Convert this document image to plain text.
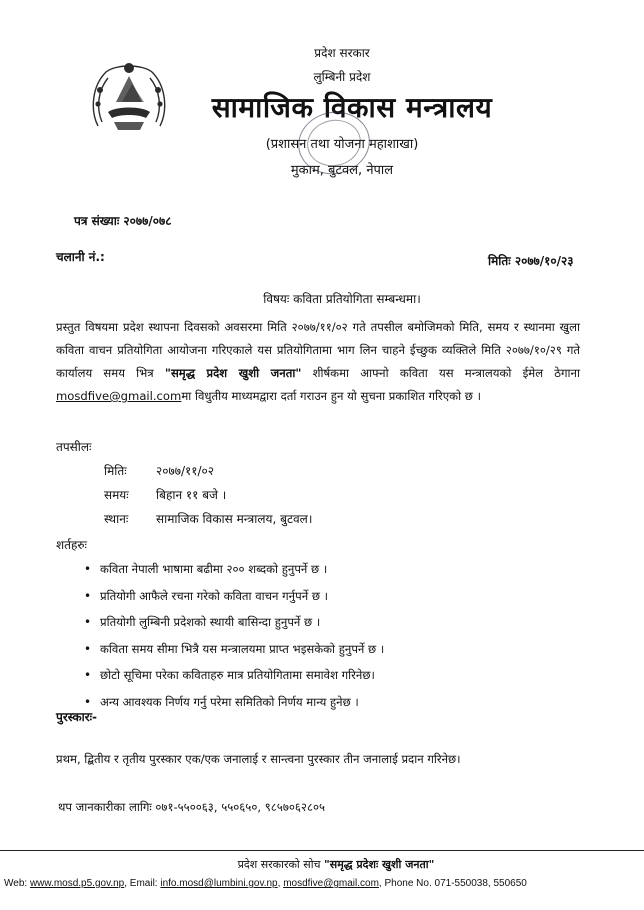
प्रदेश सरकार
लुम्बिनी प्रदेश
सामाजिक विकास मन्त्रालय
(प्रशासन तथा योजना महाशाखा)
मुकाम, बुटवल, नेपाल
पत्र संख्याः २०७७/०७८
चलानी नं.:	मितिः २०७७/१०/२३
विषयः कविता प्रतियोगिता सम्बन्धमा।
प्रस्तुत विषयमा प्रदेश स्थापना दिवसको अवसरमा मिति २०७७/११/०२ गते तपसील बमोजिमको मिति, समय र स्थानमा खुला कविता वाचन प्रतियोगिता आयोजना गरिएकाले यस प्रतियोगितामा भाग लिन चाहने ईच्छुक व्यक्तिले मिति २०७७/१०/२९ गते कार्यालय समय भित्र "समृद्ध प्रदेश खुशी जनता" शीर्षकमा आफ्नो कविता यस मन्त्रालयको ईमेल ठेगाना mosdfive@gmail.comमा विधुतीय माध्यमद्वारा दर्ता गराउन हुन यो सुचना प्रकाशित गरिएको छ ।
तपसीलः
मितिः २०७७/११/०२
समयः बिहान ११ बजे ।
स्थानः सामाजिक विकास मन्त्रालय, बुटवल।
शर्तहरुः
• कविता नेपाली भाषामा बढीमा २०० शब्दको हुनुपर्ने छ ।
• प्रतियोगी आफैले रचना गरेको कविता वाचन गर्नुपर्ने छ ।
• प्रतियोगी लुम्बिनी प्रदेशको स्थायी बासिन्दा हुनुपर्ने छ ।
• कविता समय सीमा भित्रै यस मन्त्रालयमा प्राप्त भइसकेको हुनुपर्ने छ ।
• छोटो सूचिमा परेका कविताहरु मात्र प्रतियोगितामा समावेश गरिनेछ।
• अन्य आवश्यक निर्णय गर्नु परेमा समितिको निर्णय मान्य हुनेछ ।
पुरस्कारः-
प्रथम, द्बितीय र तृतीय पुरस्कार एक/एक जनालाई र सान्त्वना पुरस्कार तीन जनालाई प्रदान गरिनेछ।
थप जानकारीका लागिः ०७१-५५००६३, ५५०६५०, ९८५७०६२८०५
प्रदेश सरकारको सोच "समृद्ध प्रदेशः खुशी जनता"
Web: www.mosd.p5.gov.np, Email: info.mosd@lumbini.gov.np, mosdfive@gmail.com, Phone No. 071-550038, 550650
